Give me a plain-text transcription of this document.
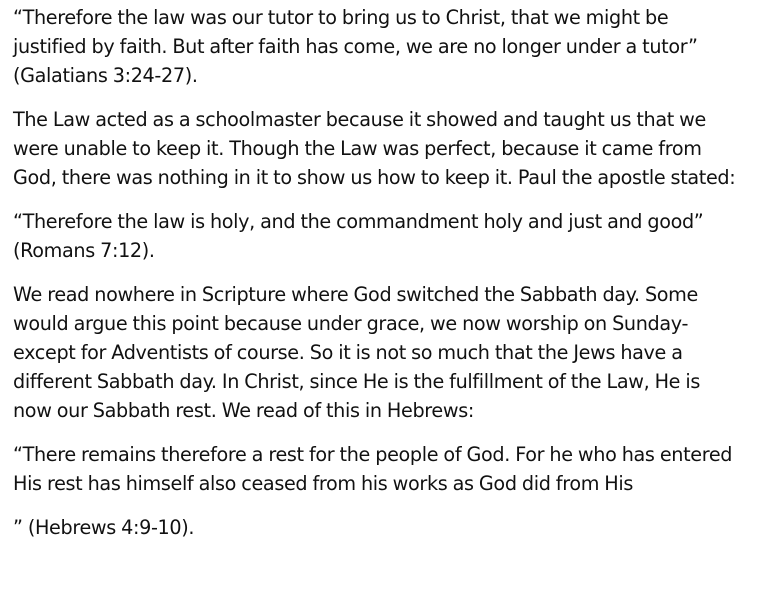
“Therefore the law was our tutor to bring us to Christ, that we might be
justified by faith. But after faith has come, we are no longer under a tutor”
(Galatians 3:24-27).

The Law acted as a schoolmaster because it showed and taught us that we
were unable to keep it. Though the Law was perfect, because it came from
God, there was nothing in it to show us how to keep it. Paul the apostle stated:

“Therefore the law is holy, and the commandment holy and just and good”
(Romans 7:12).

We read nowhere in Scripture where God switched the Sabbath day. Some
would argue this point because under grace, we now worship on Sunday-
except for Adventists of course. So it is not so much that the Jews have a
different Sabbath day. In Christ, since He is the fulfillment of the Law, He is
now our Sabbath rest. We read of this in Hebrews:

“There remains therefore a rest for the people of God. For he who has entered
His rest has himself also ceased from his works as God did from His

” (Hebrews 4:9-10).
